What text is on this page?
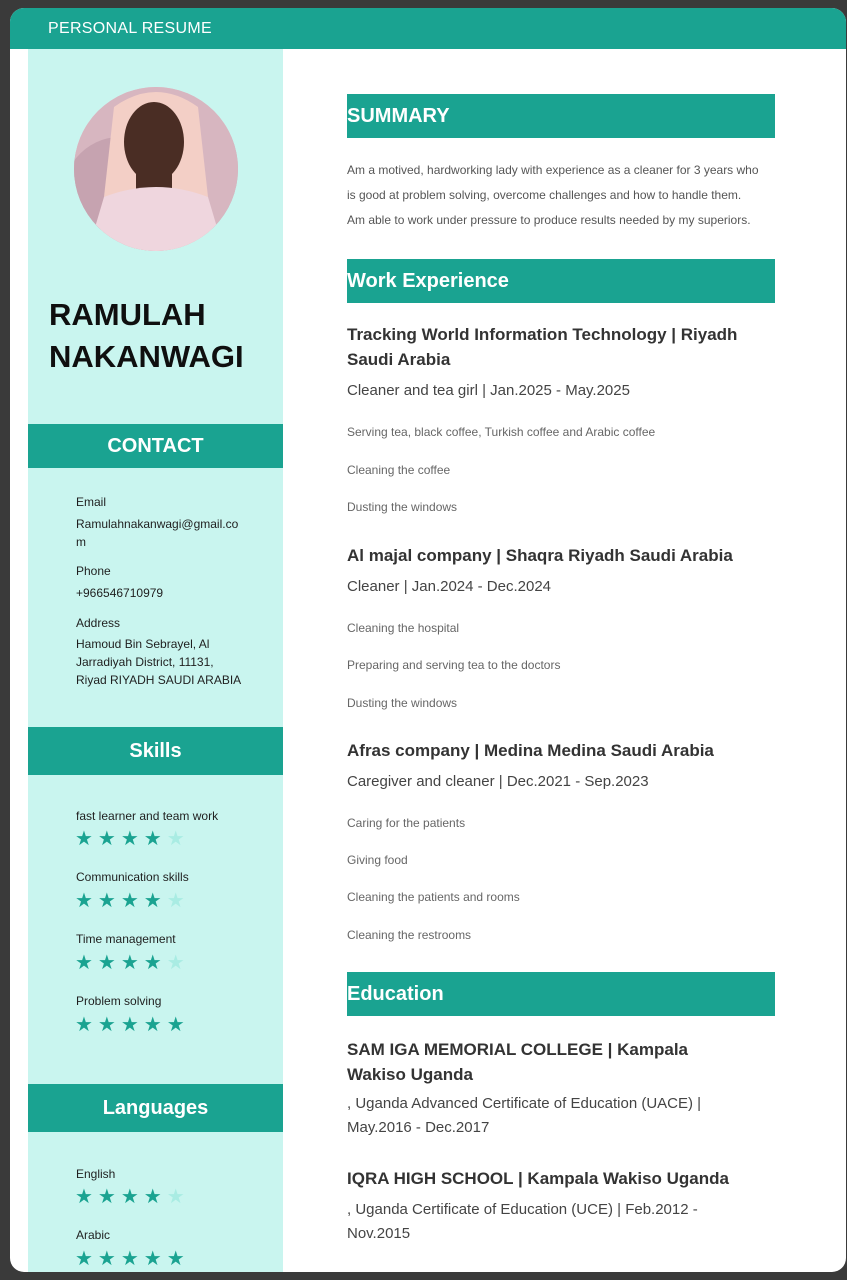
PERSONAL RESUME
RAMULAH
NAKANWAGI
CONTACT
Email
Ramulahnakanwagi@gmail.co
m
Phone
+966546710979
Address
Hamoud Bin Sebrayel, Al
Jarradiyah District, 11131,
Riyad RIYADH SAUDI ARABIA
Skills
fast learner and team work
★★★★★
Communication skills
★★★★★
Time management
★★★★★
Problem solving
★★★★★
Languages
English
★★★★★
Arabic
★★★★★
SUMMARY
Am a motived, hardworking lady with experience as a cleaner for 3 years who
is good at problem solving, overcome challenges and how to handle them.
Am able to work under pressure to produce results needed by my superiors.
Work Experience
Tracking World Information Technology | Riyadh
Saudi Arabia
Cleaner and tea girl | Jan.2025 - May.2025
Serving tea, black coffee, Turkish coffee and Arabic coffee
Cleaning the coffee
Dusting the windows
Al majal company | Shaqra Riyadh Saudi Arabia
Cleaner | Jan.2024 - Dec.2024
Cleaning the hospital
Preparing and serving tea to the doctors
Dusting the windows
Afras company | Medina Medina Saudi Arabia
Caregiver and cleaner | Dec.2021 - Sep.2023
Caring for the patients
Giving food
Cleaning the patients and rooms
Cleaning the restrooms
Education
SAM IGA MEMORIAL COLLEGE | Kampala
Wakiso Uganda
, Uganda Advanced Certificate of Education (UACE) |
May.2016 - Dec.2017
IQRA HIGH SCHOOL | Kampala Wakiso Uganda
, Uganda Certificate of Education (UCE) | Feb.2012 -
Nov.2015
